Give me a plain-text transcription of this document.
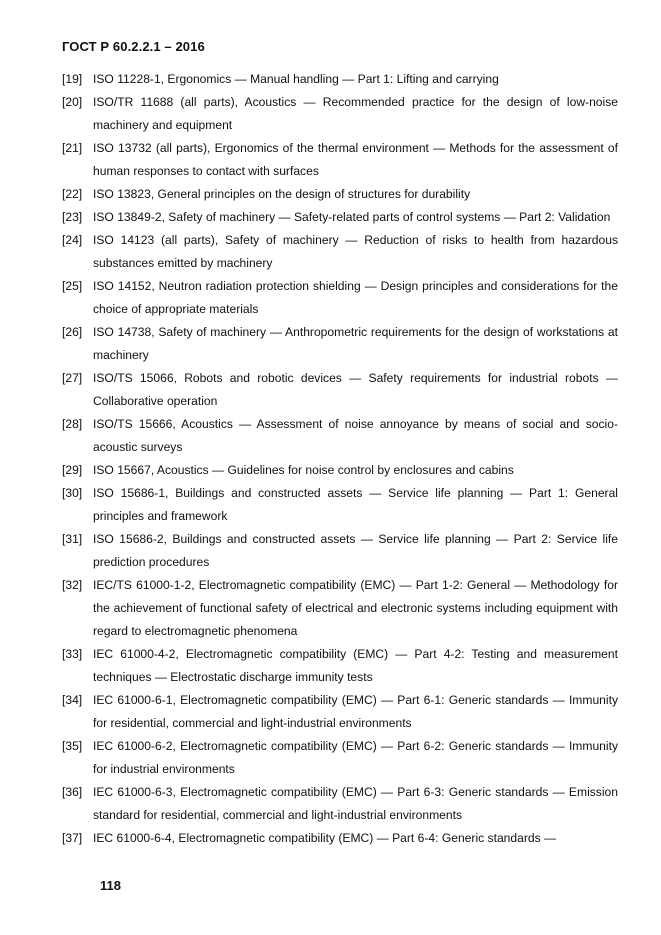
ГОСТ Р 60.2.2.1 – 2016
[19] ISO 11228-1, Ergonomics — Manual handling — Part 1: Lifting and carrying
[20] ISO/TR 11688 (all parts), Acoustics — Recommended practice for the design of low-noise machinery and equipment
[21] ISO 13732 (all parts), Ergonomics of the thermal environment — Methods for the assessment of human responses to contact with surfaces
[22] ISO 13823, General principles on the design of structures for durability
[23] ISO 13849-2, Safety of machinery — Safety-related parts of control systems — Part 2: Validation
[24] ISO 14123 (all parts), Safety of machinery — Reduction of risks to health from hazardous substances emitted by machinery
[25] ISO 14152, Neutron radiation protection shielding — Design principles and considerations for the choice of appropriate materials
[26] ISO 14738, Safety of machinery — Anthropometric requirements for the design of workstations at machinery
[27] ISO/TS 15066, Robots and robotic devices — Safety requirements for industrial robots — Collaborative operation
[28] ISO/TS 15666, Acoustics — Assessment of noise annoyance by means of social and socio-acoustic surveys
[29] ISO 15667, Acoustics — Guidelines for noise control by enclosures and cabins
[30] ISO 15686-1, Buildings and constructed assets — Service life planning — Part 1: General principles and framework
[31] ISO 15686-2, Buildings and constructed assets — Service life planning — Part 2: Service life prediction procedures
[32] IEC/TS 61000-1-2, Electromagnetic compatibility (EMC) — Part 1-2: General — Methodology for the achievement of functional safety of electrical and electronic systems including equipment with regard to electromagnetic phenomena
[33] IEC 61000-4-2, Electromagnetic compatibility (EMC) — Part 4-2: Testing and measurement techniques — Electrostatic discharge immunity tests
[34] IEC 61000-6-1, Electromagnetic compatibility (EMC) — Part 6-1: Generic standards — Immunity for residential, commercial and light-industrial environments
[35] IEC 61000-6-2, Electromagnetic compatibility (EMC) — Part 6-2: Generic standards — Immunity for industrial environments
[36] IEC 61000-6-3, Electromagnetic compatibility (EMC) — Part 6-3: Generic standards — Emission standard for residential, commercial and light-industrial environments
[37] IEC 61000-6-4, Electromagnetic compatibility (EMC) — Part 6-4: Generic standards —
118
